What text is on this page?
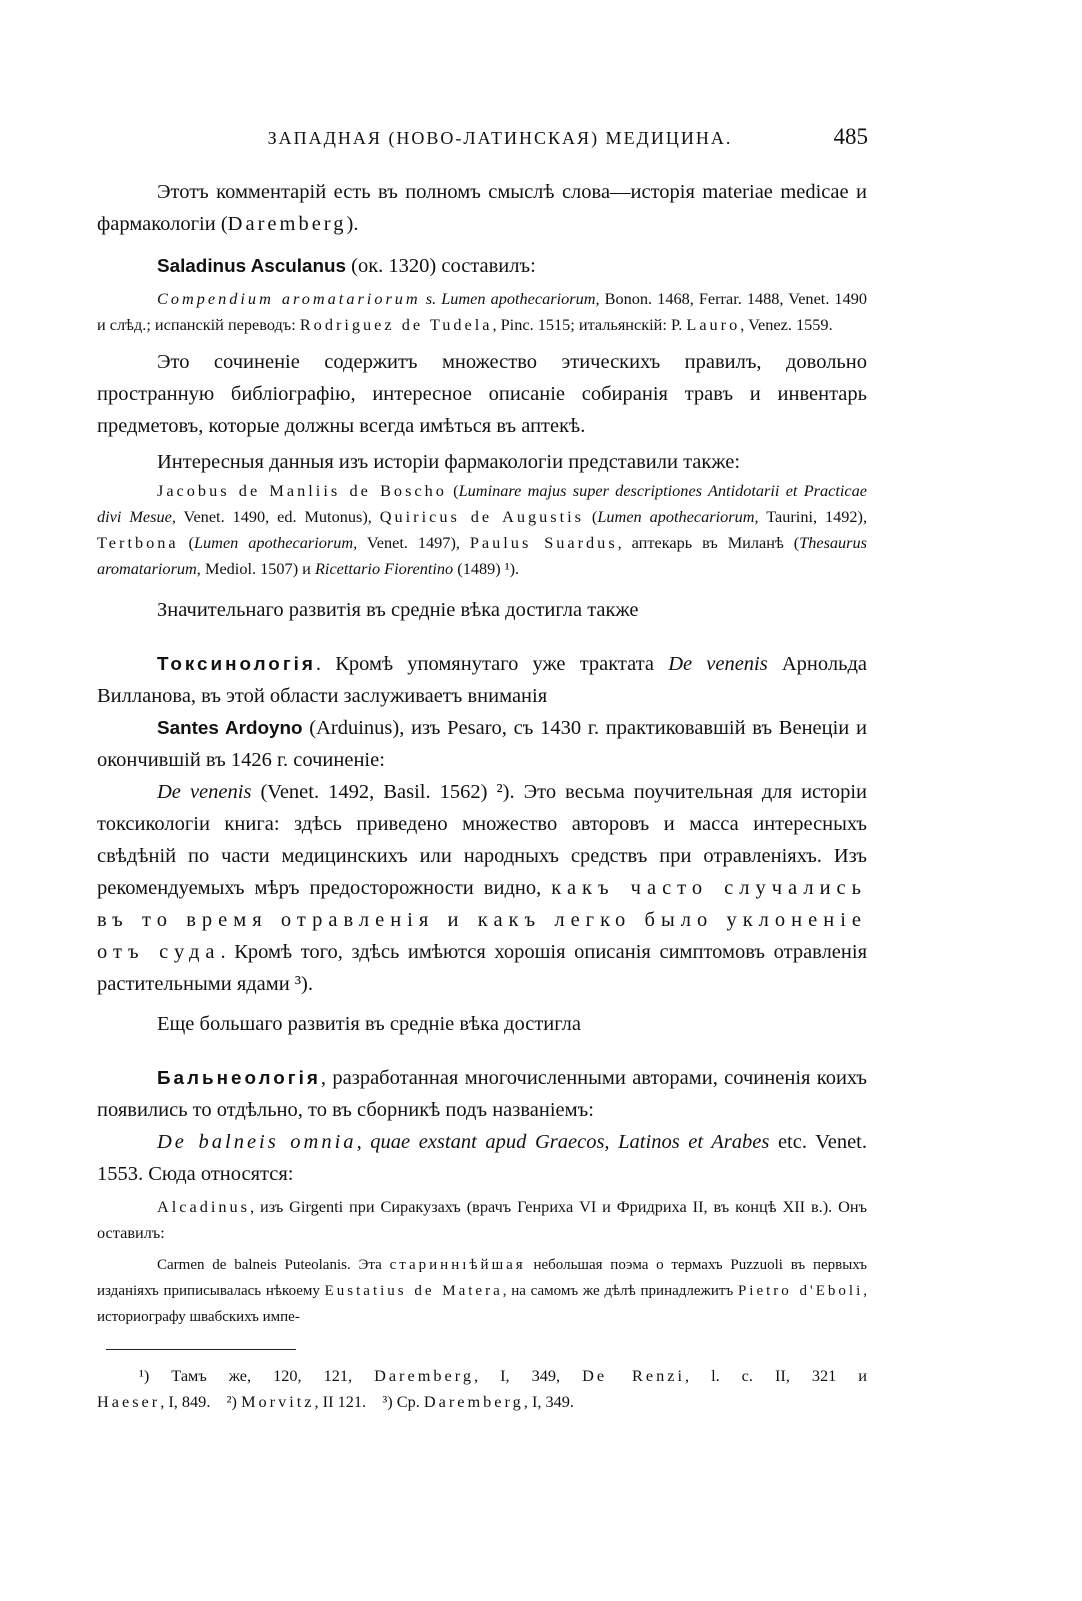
ЗАПАДНАЯ (НОВО-ЛАТИНСКАЯ) МЕДИЦИНА.	485

Этотъ комментарій есть въ полномъ смыслѣ слова—исторія materiae medicae и фармакологіи (Daremberg).

Saladinus Asculanus (ок. 1320) составилъ:

Compendium aromatariorum s. Lumen apothecariorum, Bonon. 1468, Ferrar. 1488, Venet. 1490 и слѣд.; испанскій переводъ: Rodriguez de Tudela, Pinc. 1515; итальянскій: P. Lauro, Venez. 1559.

Это сочиненіе содержитъ множество этическихъ правилъ, довольно пространную библіографію, интересное описаніе собиранія травъ и инвентарь предметовъ, которые должны всегда имѣться въ аптекѣ.

Интересныя данныя изъ исторіи фармакологіи представили также:

Jacobus de Manliis de Boscho (Luminare majus super descriptiones Antidotarii et Practicae divi Mesue, Venet. 1490, ed. Mutonus), Quiricus de Augustis (Lumen apothecariorum, Taurini, 1492), Tertbona (Lumen apothecariorum, Venet. 1497), Paulus Suardus, аптекарь въ Миланѣ (Thesaurus aromatariorum, Mediol. 1507) и Ricettario Fiorentino (1489) ¹).

Значительнаго развитія въ средніе вѣка достигла также

Токсинологія. Кромѣ упомянутаго уже трактата De venenis Арнольда Вилланова, въ этой области заслуживаетъ вниманія

Santes Ardoyno (Arduinus), изъ Pesaro, съ 1430 г. практиковавшій въ Венеціи и окончившій въ 1426 г. сочиненіе:

De venenis (Venet. 1492, Basil. 1562) ²). Это весьма поучительная для исторіи токсикологіи книга: здѣсь приведено множество авторовъ и масса интересныхъ свѣдѣній по части медицинскихъ или народныхъ средствъ при отравленіяхъ. Изъ рекомендуемыхъ мѣръ предосторожности видно, какъ часто случались въ то время отравленія и какъ легко было уклоненіе отъ суда. Кромѣ того, здѣсь имѣются хорошія описанія симптомовъ отравленія растительными ядами ³).

Еще большаго развитія въ средніе вѣка достигла

Бальнеологія, разработанная многочисленными авторами, сочиненія коихъ появились то отдѣльно, то въ сборникѣ подъ названіемъ:

De balneis omnia, quae exstant apud Graecos, Latinos et Arabes etc. Venet. 1553. Сюда относятся:

Alcadinus, изъ Girgenti при Сиракузахъ (врачъ Генриха VI и Фридриха II, въ концѣ XII в.). Онъ оставилъ:

Carmen de balneis Puteolanis. Эта стариннıѣйшая небольшая поэма о термахъ Puzzuoli въ первыхъ изданіяхъ приписывалась нѣкоему Eustatius de Matera, на самомъ же дѣлѣ принадлежитъ Pietro d'Eboli, историографу швабскихъ импе-

¹) Тамъ же, 120, 121, Daremberg, I, 349, De Renzi, l. c. II, 321 и Haeser, I, 849.    ²) Morvitz, II 121.    ³) Ср. Daremberg, I, 349.
